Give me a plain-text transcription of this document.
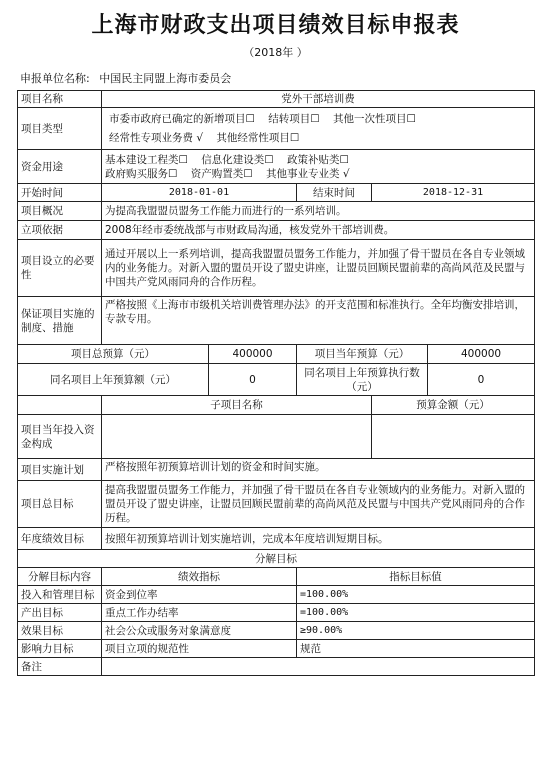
上海市财政支出项目绩效目标申报表
（2018年 ）
申报单位名称: 中国民主同盟上海市委员会
项目名称	党外干部培训费				
项目类型	市委市政府已确定的新增项目☐ 结转项目☐ 其他一次性项目☐
经常性专项业务费 √ 其他经常性项目☐				

资金用途	基本建设工程类☐ 信息化建设类☐ 政策补贴类☐
政府购买服务☐ 资产购置类☐ 其他事业专业类 √				

开始时间	2018-01-01		结束时间	2018-12-31	
项目概况	为提高我盟盟员盟务工作能力而进行的一系列培训。				
立项依据	2008年经市委统战部与市财政局沟通，核发党外干部培训费。				
项目设立的必要性	通过开展以上一系列培训，提高我盟盟员盟务工作能力，并加强了骨干盟员在各自专业领域内的业务能力。对新入盟的盟员开设了盟史讲座，让盟员回顾民盟前辈的高尚风范及民盟与中国共产党风雨同舟的合作历程。				
保证项目实施的制度、措施	严格按照《上海市市级机关培训费管理办法》的开支范围和标准执行。全年均衡安排培训，专款专用。				
项目总预算（元）		400000	项目当年预算（元）		400000
同名项目上年预算额（元）		0	同名项目上年预算执行数（元）		0
	子项目名称			预算金额（元）	
项目当年投入资金构成					
项目实施计划	严格按照年初预算培训计划的资金和时间实施。				
项目总目标	提高我盟盟员盟务工作能力，并加强了骨干盟员在各自专业领域内的业务能力。对新入盟的盟员开设了盟史讲座，让盟员回顾民盟前辈的高尚风范及民盟与中国共产党风雨同舟的合作历程。				
年度绩效目标	按照年初预算培训计划实施培训，完成本年度培训短期目标。				
分解目标					
分解目标内容	绩效指标		指标目标值		
投入和管理目标	资金到位率		=100.00%		
产出目标	重点工作办结率		=100.00%		
效果目标	社会公众或服务对象满意度		≥90.00%		
影响力目标	项目立项的规范性		规范		
备注					
